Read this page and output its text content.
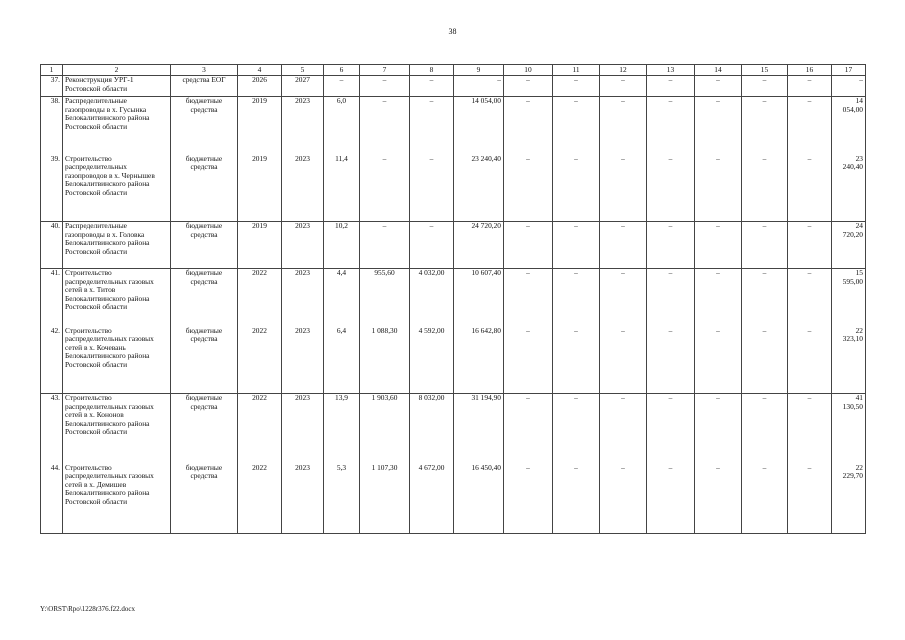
38
1	2	3	4	5	6	7	8	9	10	11	12	13	14	15	16	17
37.	Реконструкция УРГ-1 Ростовской области	средства ЕОГ	2026	2027	–	–	–	–	–	–	–	–	–	–	–	–
38.	Распределительные газопроводы в х. Гусынка Белокалитвинского района Ростовской области	бюджетные средства	2019	2023	6,0	–	–	14 054,00	–	–	–	–	–	–	–	14 054,00
39.	Строительство распределительных газопроводов в х. Чернышев Белокалитвинского района Ростовской области	бюджетные средства	2019	2023	11,4	–	–	23 240,40	–	–	–	–	–	–	–	23 240,40
40.	Распределительные газопроводы в х. Головка Белокалитвинского района Ростовской области	бюджетные средства	2019	2023	10,2	–	–	24 720,20	–	–	–	–	–	–	–	24 720,20
41.	Строительство распределительных газовых сетей в х. Титов Белокалитвинского района Ростовской области	бюджетные средства	2022	2023	4,4	955,60	4 032,00	10 607,40	–	–	–	–	–	–	–	15 595,00
42.	Строительство распределительных газовых сетей в х. Кочевань Белокалитвинского района Ростовской области	бюджетные средства	2022	2023	6,4	1 088,30	4 592,00	16 642,80	–	–	–	–	–	–	–	22 323,10
43.	Строительство распределительных газовых сетей в х. Кононов Белокалитвинского района Ростовской области	бюджетные средства	2022	2023	13,9	1 903,60	8 032,00	31 194,90	–	–	–	–	–	–	–	41 130,50
44.	Строительство распределительных газовых сетей в х. Демишев Белокалитвинского района Ростовской области	бюджетные средства	2022	2023	5,3	1 107,30	4 672,00	16 450,40	–	–	–	–	–	–	–	22 229,70
Y:\ORST\Rpo\1228r376.f22.docx
